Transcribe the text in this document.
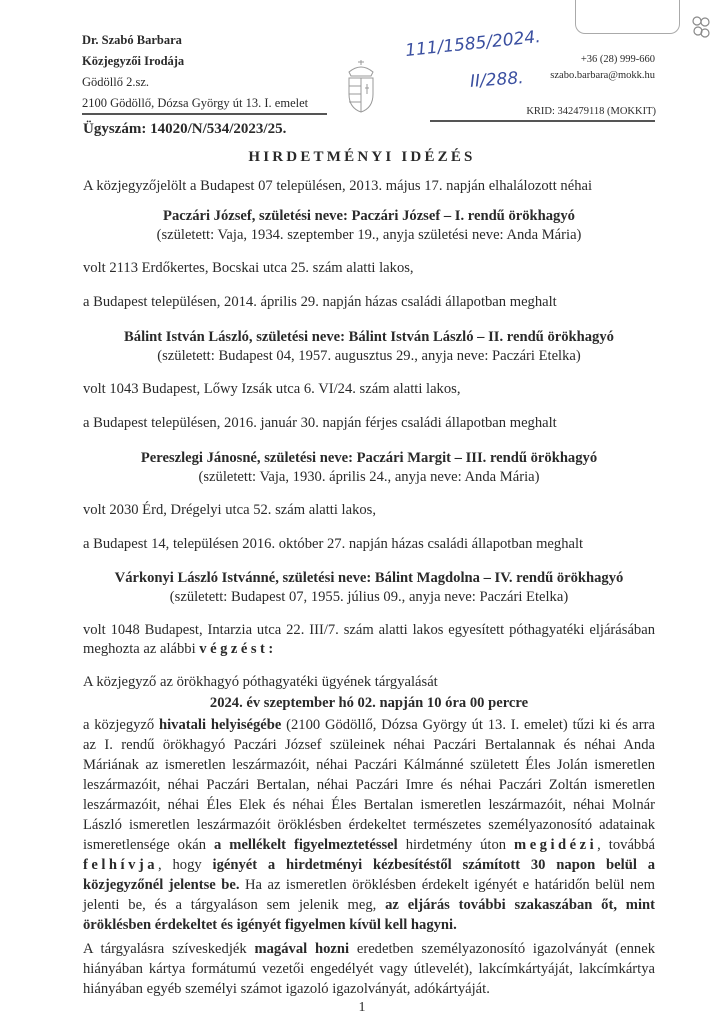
Dr. Szabó Barbara
Közjegyzői Irodája
Gödöllő 2.sz.
2100 Gödöllő, Dózsa György út 13. I. emelet
111/1585/2024.
II/288.
+36 (28) 999-660
szabo.barbara@mokk.hu
KRID: 342479118 (MOKKIT)
Ügyszám: 14020/N/534/2023/25.
HIRDETMÉNYI IDÉZÉS
A közjegyzőjelölt a Budapest 07 településen, 2013. május 17. napján elhalálozott néhai
Paczári József, születési neve: Paczári József – I. rendű örökhagyó
(született: Vaja, 1934. szeptember 19., anyja születési neve: Anda Mária)
volt 2113 Erdőkertes, Bocskai utca 25. szám alatti lakos,
a Budapest településen, 2014. április 29. napján házas családi állapotban meghalt
Bálint István László, születési neve: Bálint István László – II. rendű örökhagyó
(született: Budapest 04, 1957. augusztus 29., anyja neve: Paczári Etelka)
volt 1043 Budapest, Lőwy Izsák utca 6. VI/24. szám alatti lakos,
a Budapest településen, 2016. január 30. napján férjes családi állapotban meghalt
Pereszlegi Jánosné, születési neve: Paczári Margit – III. rendű örökhagyó
(született: Vaja, 1930. április 24., anyja neve: Anda Mária)
volt 2030 Érd, Drégelyi utca 52. szám alatti lakos,
a Budapest 14, településen 2016. október 27. napján házas családi állapotban meghalt
Várkonyi László Istvánné, születési neve: Bálint Magdolna – IV. rendű örökhagyó
(született: Budapest 07, 1955. július 09., anyja neve: Paczári Etelka)
volt 1048 Budapest, Intarzia utca 22. III/7. szám alatti lakos egyesített póthagyatéki eljárásában
meghozta az alábbi végzést:
A közjegyző az örökhagyó póthagyatéki ügyének tárgyalását
2024. év szeptember hó 02. napján 10 óra 00 percre
a közjegyző hivatali helyiségébe (2100 Gödöllő, Dózsa György út 13. I. emelet) tűzi ki és arra
az I. rendű örökhagyó Paczári József szüleinek néhai Paczári Bertalannak és néhai Anda
Máriának az ismeretlen leszármazóit, néhai Paczári Kálmánné született Éles Jolán ismeretlen
leszármazóit, néhai Paczári Bertalan, néhai Paczári Imre és néhai Paczári Zoltán ismeretlen
leszármazóit, néhai Éles Elek és néhai Éles Bertalan ismeretlen leszármazóit, néhai Molnár
László ismeretlen leszármazóit öröklésben érdekeltet természetes személyazonosító adatainak
ismeretlensége okán a mellékelt figyelmeztetéssel hirdetmény úton megidézi, továbbá
felhívja, hogy igényét a hirdetményi kézbesítéstől számított 30 napon belül a
közjegyzőnél jelentse be. Ha az ismeretlen öröklésben érdekelt igényét e határidőn belül nem
jelenti be, és a tárgyaláson sem jelenik meg, az eljárás további szakaszában őt, mint
öröklésben érdekeltet és igényét figyelmen kívül kell hagyni.
A tárgyalásra szíveskedjék magával hozni eredetben személyazonosító igazolványát (ennek
hiányában kártya formátumú vezetői engedélyét vagy útlevelét), lakcímkártyáját, lakcímkártya
hiányában egyéb személyi számot igazoló igazolványát, adókártyáját.
1
